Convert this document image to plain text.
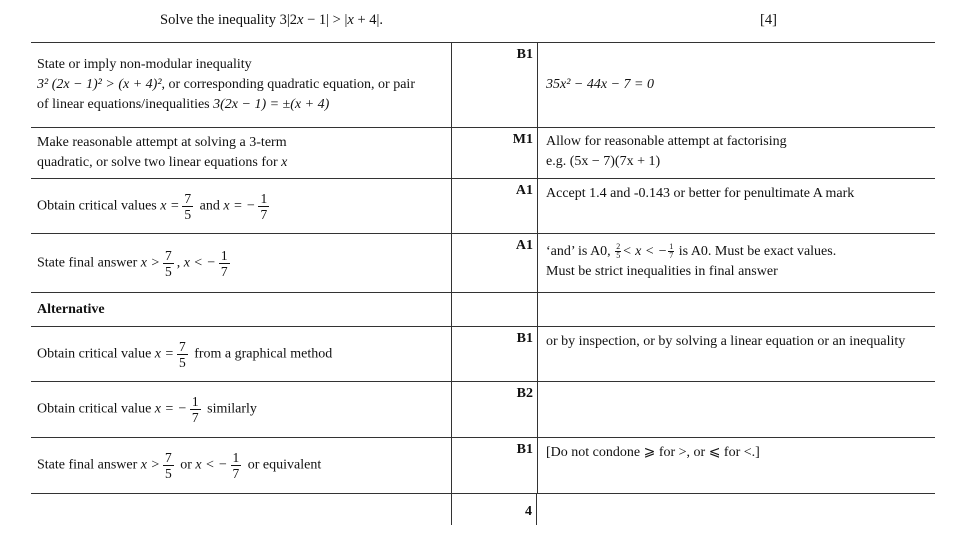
Solve the inequality 3|2x − 1| > |x + 4|.	[4]
State or imply non-modular inequality
3² (2x − 1)² > (x + 4)², or corresponding quadratic equation, or pair
of linear equations/inequalities 3(2x − 1) = ±(x + 4)
B1
35x² − 44x − 7 = 0
Make reasonable attempt at solving a 3-term
quadratic, or solve two linear equations for x
M1 Allow for reasonable attempt at factorising
e.g. (5x − 7)(7x + 1)
Obtain critical values $x = \frac{7}{5}$ and x = − $\frac{1}{7}$	A1 Accept 1.4 and -0.143 or better for penultimate A mark
State final answer $x > \frac{7}{5}$ , x < − $\frac{1}{7}$
A1 ‘and’ is A0, $\frac{2}{5} < x$ < − $\frac{1}{7}$ is A0. Must be exact values.
Must be strict inequalities in final answer
Alternative
Obtain critical value $x = \frac{7}{5}$ from a graphical method
B1 or by inspection, or by solving a linear equation or an inequality
Obtain critical value x = − $\frac{1}{7}$ similarly
B2
State final answer $x > \frac{7}{5}$ or x < − $\frac{1}{7}$ or equivalent
B1 [Do not condone ⩾ for >, or ⩽ for <.]
4
